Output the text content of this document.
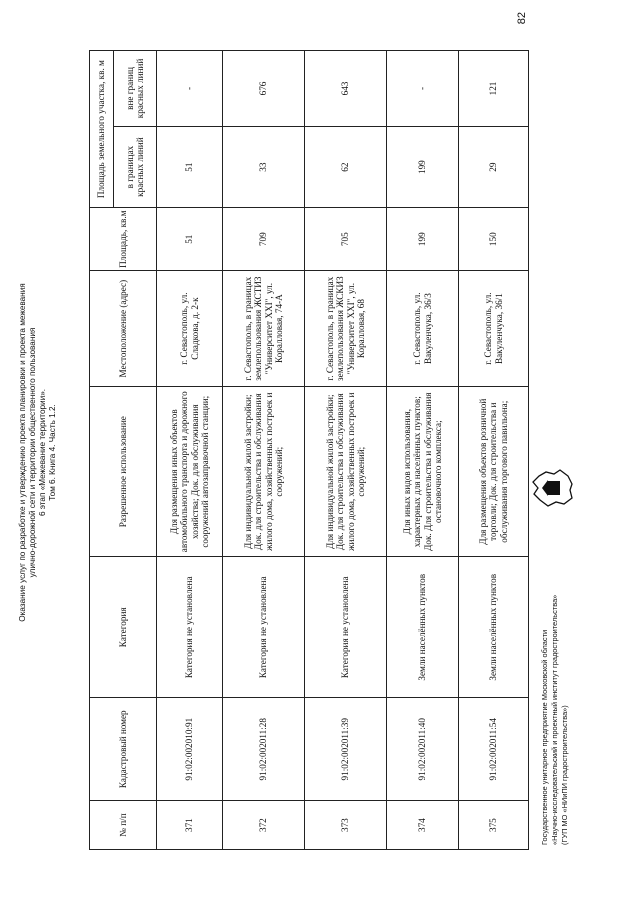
Оказание услуг по разработке и утверждению проекта планировки и проекта межевания улично-дорожной сети и территории общественного пользования 6 этап «Межевание территории». Том 6. Книга 4. Часть 1.2.
82
№ п/п	Кадастровый номер	Категория	Разрешенное использование	Местоположение (адрес)	Площадь, кв.м	Площадь земельного участка, кв. м	
						в границах красных линий	вне границ красных линий
371	91:02:002010:91	Категория не установлена	Для размещения иных объектов автомобильного транспорта и дорожного хозяйства; Док. для обслуживания сооружений автозаправочной станции;	г. Севастополь, ул. Сладкова, д. 2-к	51	51	-
372	91:02:002011:28	Категория не установлена	Для индивидуальной жилой застройки; Док. для строительства и обслуживания жилого дома, хозяйственных построек и сооружений;	г. Севастополь, в границах землепользования ЖСТИЗ "Университет XXI", ул. Коралловая, 74-А	709	33	676
373	91:02:002011:39	Категория не установлена	Для индивидуальной жилой застройки; Док. для строительства и обслуживания жилого дома, хозяйственных построек и сооружений;	г. Севастополь, в границах землепользования ЖСКИЗ "Университет XXI", ул. Коралловая, 68	705	62	643
374	91:02:002011:40	Земли населённых пунктов	Для иных видов использования, характерных для населённых пунктов; Док. Для строительства и обслуживания остановочного комплекса;	г. Севастополь, ул. Вакуленчука, 36/3	199	199	-
375	91:02:002011:54	Земли населённых пунктов	Для размещения объектов розничной торговли; Док. для строительства и обслуживания торгового павильона;	г. Севастополь, ул. Вакуленчука, 36/1	150	29	121
Государственное унитарное предприятие Московской области «Научно-исследовательский и проектный институт градостроительства» (ГУП МО «НИиПИ градостроительства»)
